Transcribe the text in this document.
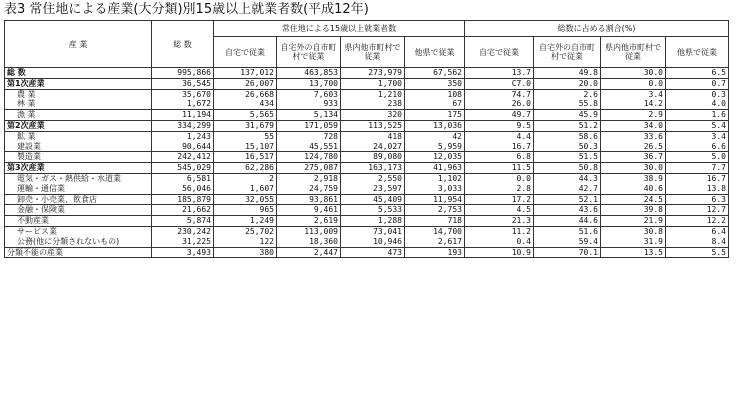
表3 常住地による産業(大分類)別15歳以上就業者数(平成12年)
産 業	総 数	常住地による15歳以上就業者数				総数に占める割合(%)			
		自宅で従業	自宅外の自市町村で従業	県内他市町村で従業	他県で従業	自宅で従業	自宅外の自市町村で従業	県内他市町村で従業	他県で従業
総 数	995,866	137,012	463,853	273,979	67,562	13.7	49.8	30.0	6.5
第1次産業	36,545	26,007	13,700	1,700	350	C7.0	20.0	0.0	0.7
農 業	35,670	26,668	7,603	1,210	108	74.7	2.6	3.4	0.3
林 業	1,672	434	933	238	67	26.0	55.8	14.2	4.0
漁 業	11,194	5,565	5,134	320	175	49.7	45.9	2.9	1.6
第2次産業	334,299	31,679	171,059	113,525	13,036	9.5	51.2	34.0	5.4
鉱 業	1,243	55	728	418	42	4.4	58.6	33.6	3.4
建設業	90,644	15,107	45,551	24,027	5,959	16.7	50.3	26.5	6.6
製造業	242,412	16,517	124,780	89,080	12,035	6.8	51.5	36.7	5.0
第3次産業	545,029	62,286	275,087	163,173	41,963	11.5	50.8	30.0	7.7
電気・ガス・熱供給・水道業	6,581	2	2,918	2,550	1,102	0.0	44.3	38.9	16.7
運輸・通信業	56,046	1,607	24,759	23,597	3,033	2.8	42.7	40.6	13.8
卸売・小売業、飲食店	185,879	32,055	93,861	45,409	11,954	17.2	52.1	24.5	6.3
金融・保険業	21,662	965	9,461	5,533	2,753	4.5	43.6	39.8	12.7
不動産業	5,874	1,249	2,619	1,288	718	21.3	44.6	21.9	12.2
サービス業	230,242	25,702	113,009	73,041	14,700	11.2	51.6	30.8	6.4
公務(他に分類されないもの)	31,225	122	18,360	10,946	2,617	0.4	59.4	31.9	8.4
分類不能の産業	3,493	380	2,447	473	193	10.9	70.1	13.5	5.5
